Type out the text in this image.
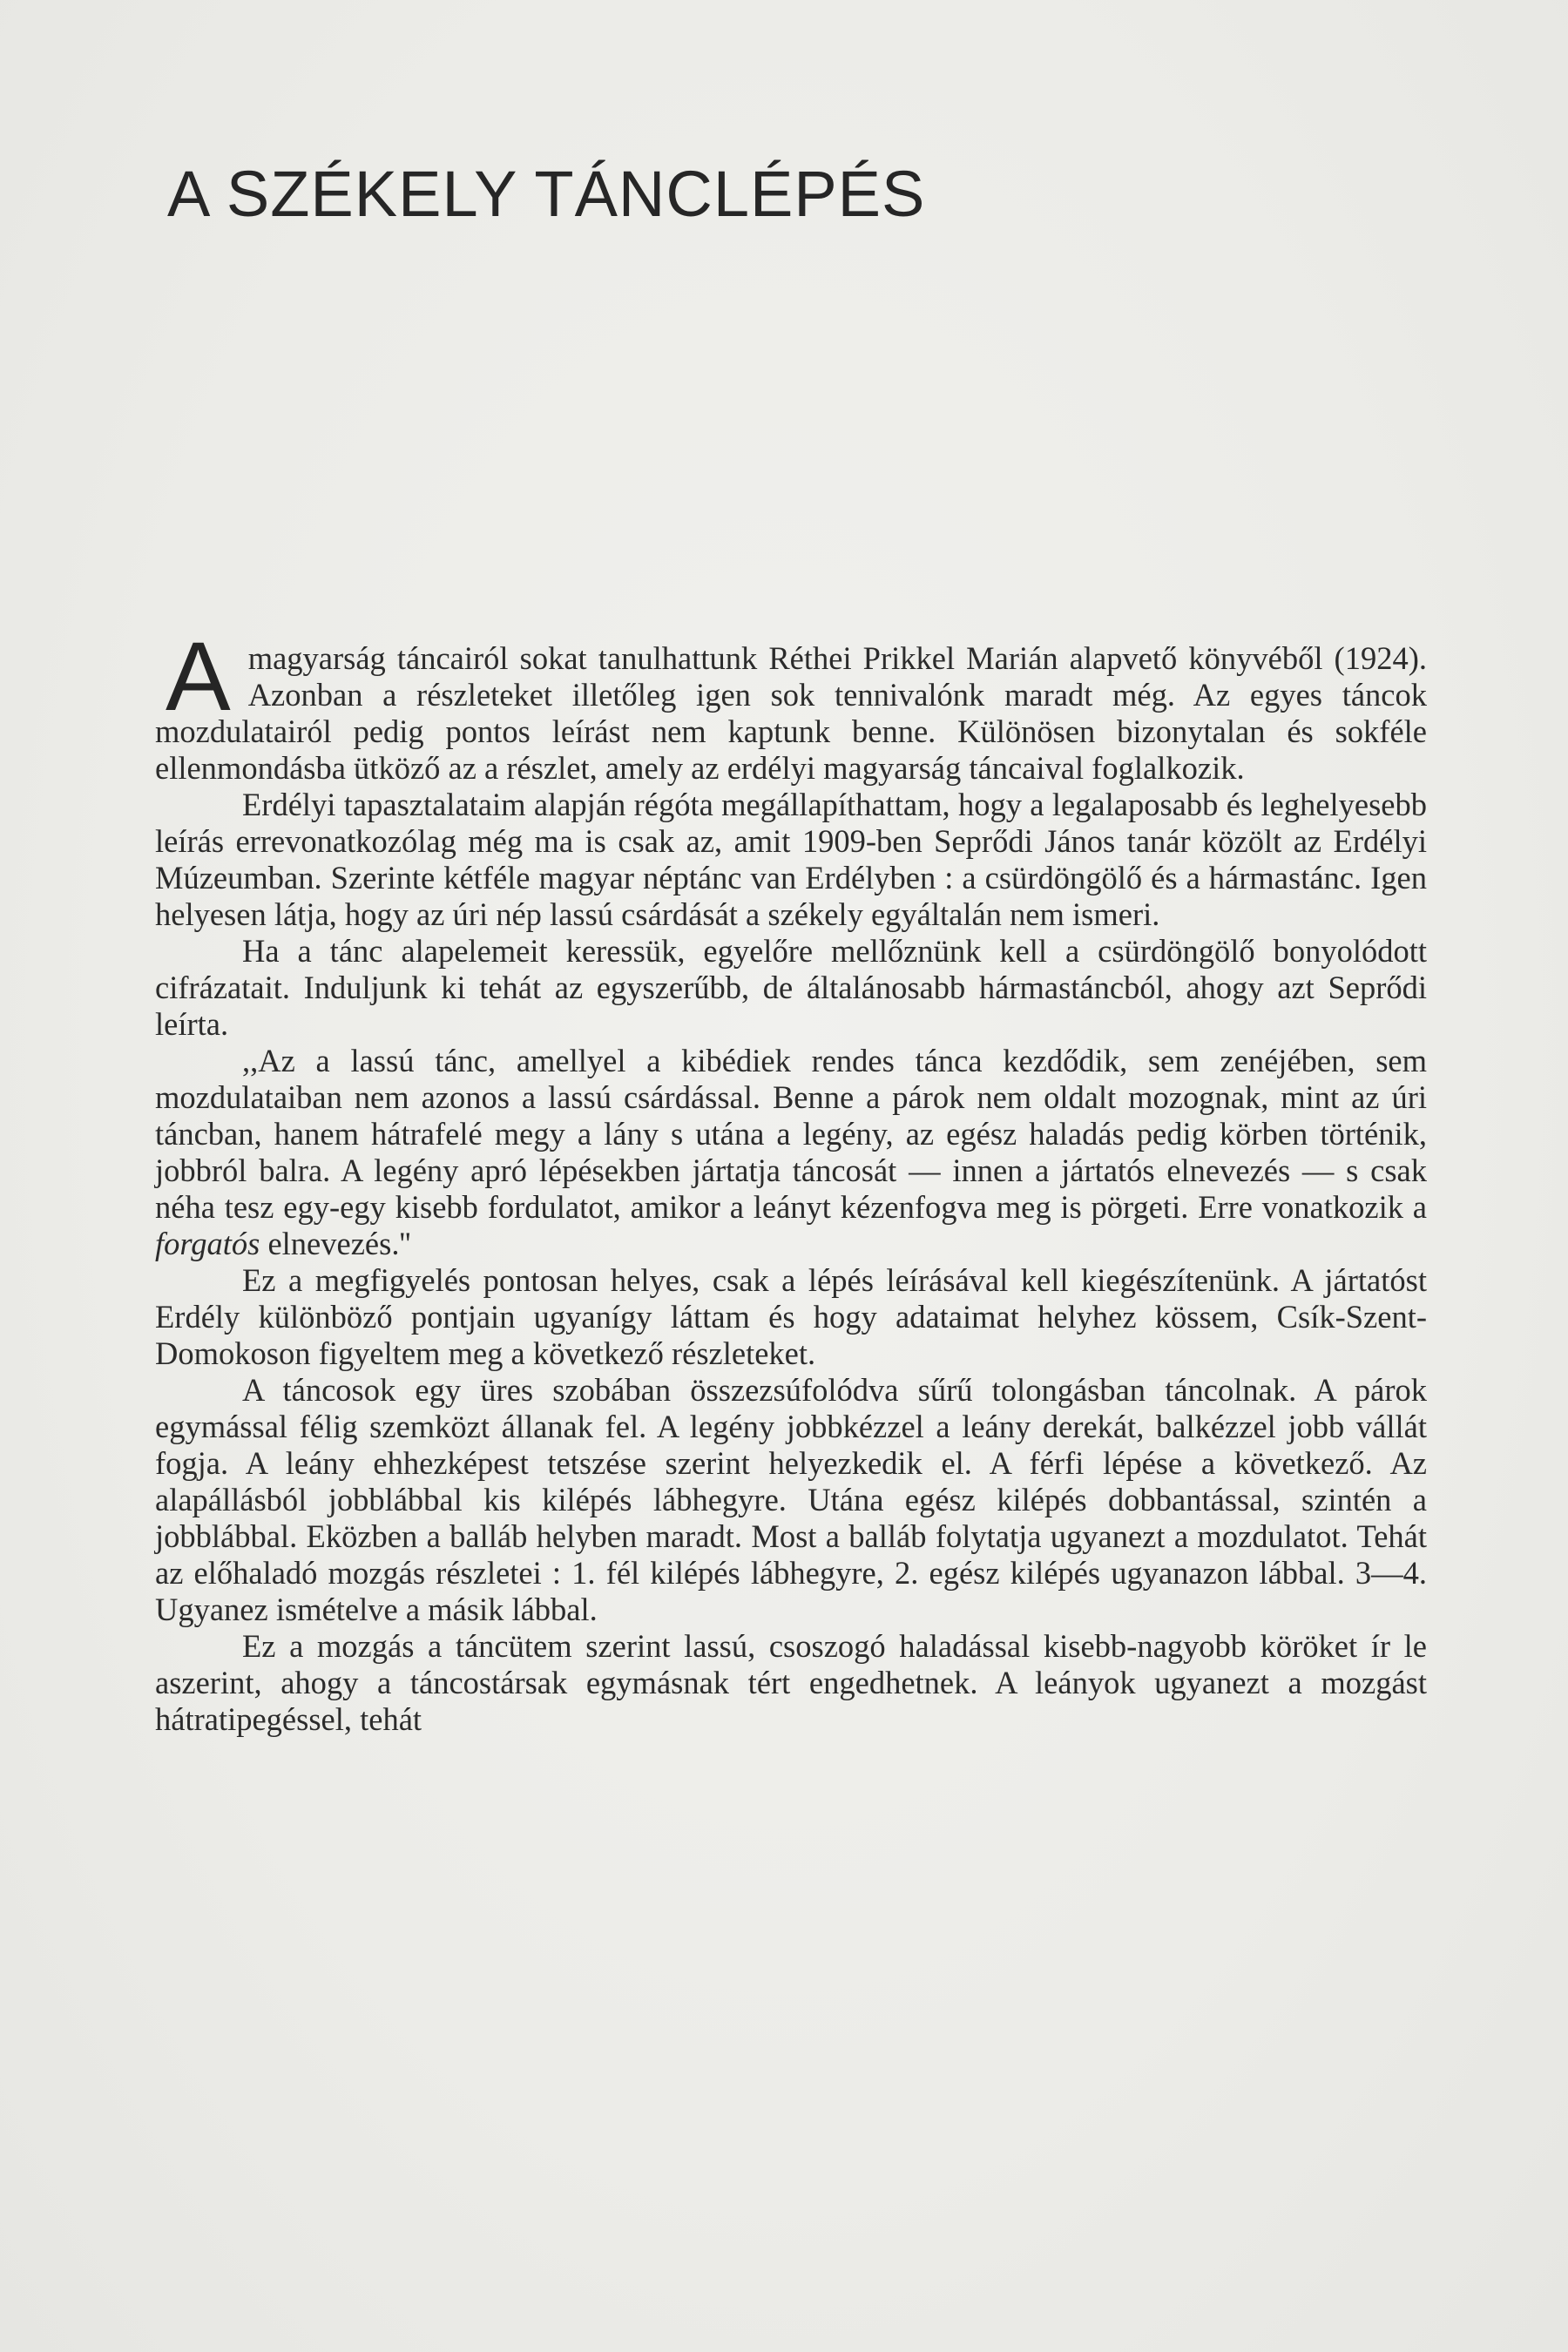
A SZÉKELY TÁNCLÉPÉS

Amagyarság táncairól sokat tanulhattunk Réthei Prikkel Marián alapvető könyvéből (1924). Azonban a részleteket illetőleg igen sok tennivalónk maradt még. Az egyes táncok mozdulatairól pedig pontos leírást nem kaptunk benne. Különösen bizonytalan és sokféle ellenmondásba ütköző az a részlet, amely az erdélyi magyarság táncaival foglalkozik.

Erdélyi tapasztalataim alapján régóta megállapíthattam, hogy a legalaposabb és leghelyesebb leírás errevonatkozólag még ma is csak az, amit 1909-ben Seprődi János tanár közölt az Erdélyi Múzeumban. Szerinte kétféle magyar néptánc van Erdélyben : a csürdöngölő és a hármastánc. Igen helyesen látja, hogy az úri nép lassú csárdását a székely egyáltalán nem ismeri.

Ha a tánc alapelemeit keressük, egyelőre mellőznünk kell a csürdöngölő bonyolódott cifrázatait. Induljunk ki tehát az egyszerűbb, de általánosabb hármastáncból, ahogy azt Seprődi leírta.

,,Az a lassú tánc, amellyel a kibédiek rendes tánca kezdődik, sem zenéjében, sem mozdulataiban nem azonos a lassú csárdással. Benne a párok nem oldalt mozognak, mint az úri táncban, hanem hátrafelé megy a lány s utána a legény, az egész haladás pedig körben történik, jobbról balra. A legény apró lépésekben jártatja táncosát — innen a jártatós elnevezés — s csak néha tesz egy-egy kisebb fordulatot, amikor a leányt kézenfogva meg is pörgeti. Erre vonatkozik a forgatós elnevezés.''

Ez a megfigyelés pontosan helyes, csak a lépés leírásával kell kiegészítenünk. A jártatóst Erdély különböző pontjain ugyanígy láttam és hogy adataimat helyhez kössem, Csík-Szent-Domokoson figyeltem meg a következő részleteket.

A táncosok egy üres szobában összezsúfolódva sűrű tolongásban táncolnak. A párok egymással félig szemközt állanak fel. A legény jobbkézzel a leány derekát, balkézzel jobb vállát fogja. A leány ehhezképest tetszése szerint helyezkedik el. A férfi lépése a következő. Az alapállásból jobblábbal kis kilépés lábhegyre. Utána egész kilépés dobbantással, szintén a jobblábbal. Eközben a balláb helyben maradt. Most a balláb folytatja ugyanezt a mozdulatot. Tehát az előhaladó mozgás részletei : 1. fél kilépés lábhegyre, 2. egész kilépés ugyanazon lábbal. 3—4. Ugyanez ismételve a másik lábbal.

Ez a mozgás a táncütem szerint lassú, csoszogó haladással kisebb-nagyobb köröket ír le aszerint, ahogy a táncostársak egymásnak tért engedhetnek. A leányok ugyanezt a mozgást hátratipegéssel, tehát
